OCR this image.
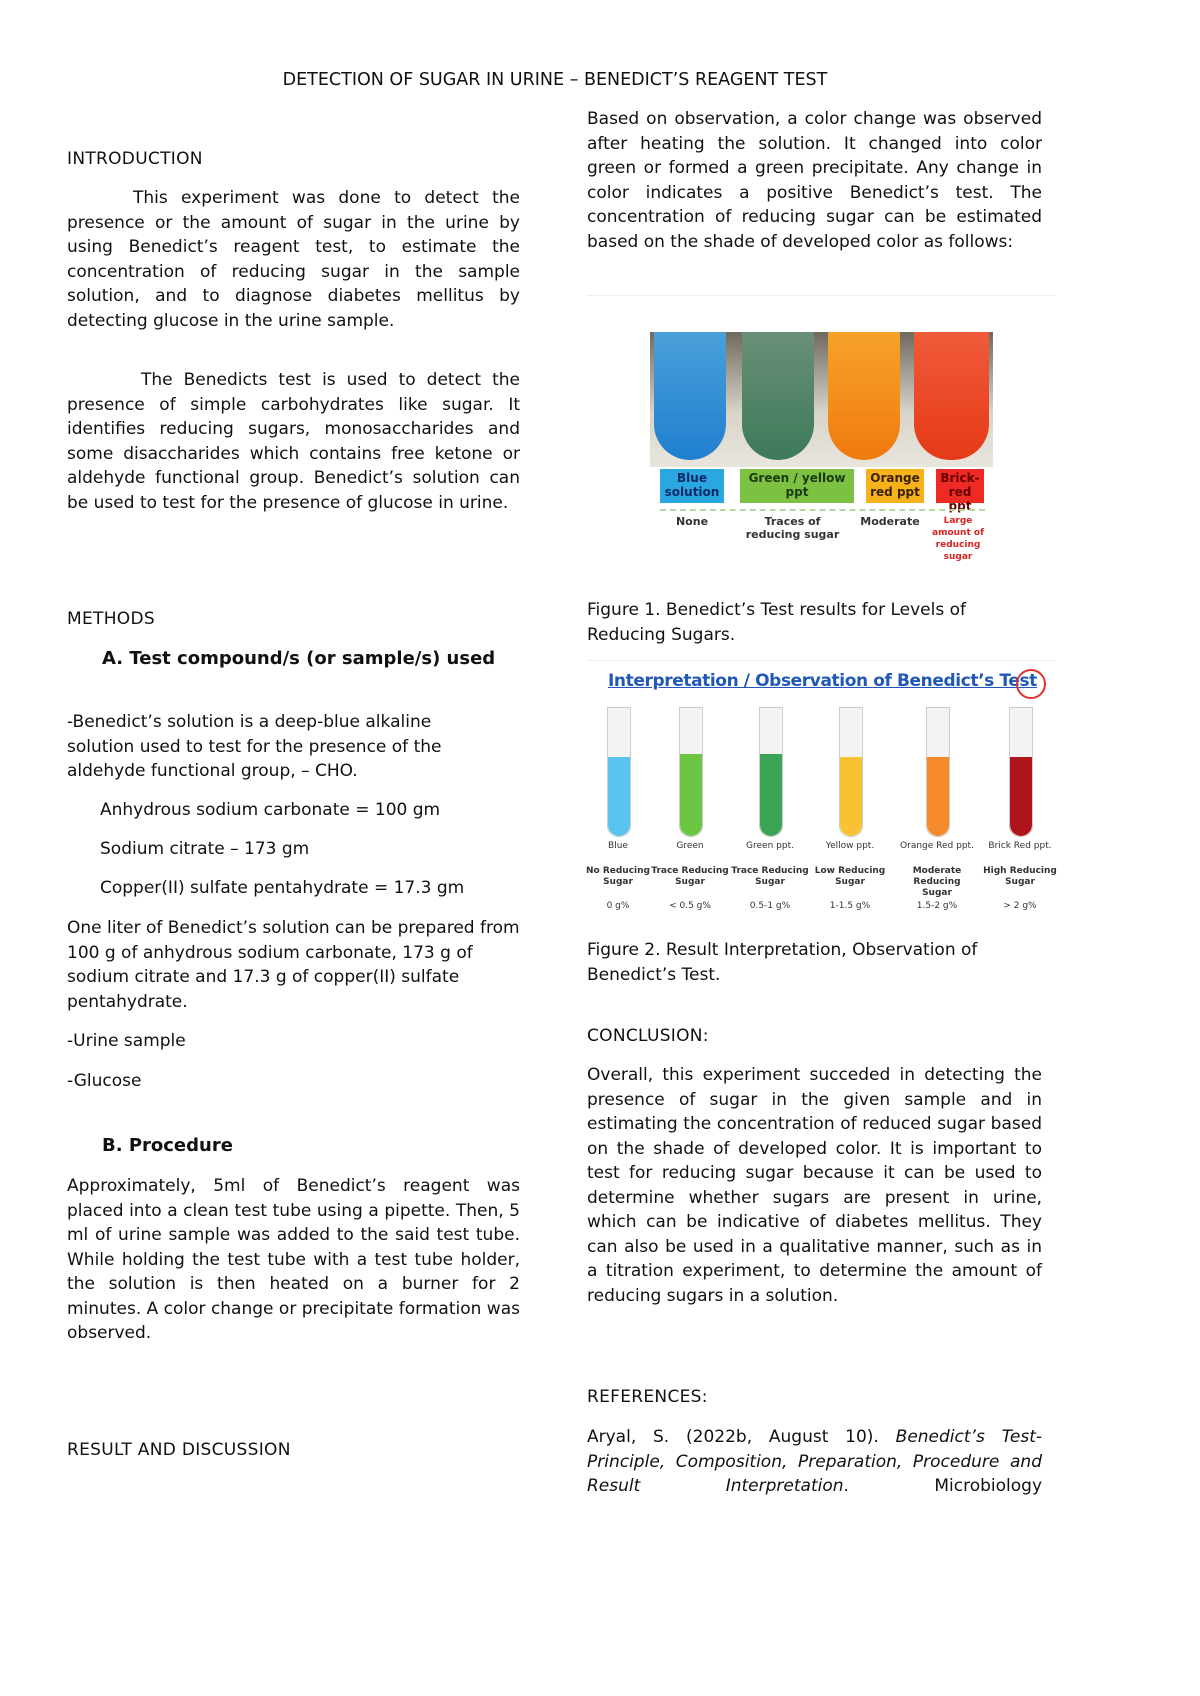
DETECTION OF SUGAR IN URINE – BENEDICT’S REAGENT TEST
INTRODUCTION

This experiment was done to detect the presence or the amount of sugar in the urine by using Benedict’s reagent test, to estimate the concentration of reducing sugar in the sample solution, and to diagnose diabetes mellitus by detecting glucose in the urine sample.

The Benedicts test is used to detect the presence of simple carbohydrates like sugar. It identifies reducing sugars, monosaccharides and some disaccharides which contains free ketone or aldehyde functional group. Benedict’s solution can be used to test for the presence of glucose in urine.

METHODS
A. Test compound/s (or sample/s) used

-Benedict’s solution is a deep-blue alkaline solution used to test for the presence of the aldehyde functional group, – CHO.

Anhydrous sodium carbonate = 100 gm

Sodium citrate – 173 gm

Copper(II) sulfate pentahydrate = 17.3 gm

One liter of Benedict’s solution can be prepared from 100 g of anhydrous sodium carbonate, 173 g of sodium citrate and 17.3 g of copper(II) sulfate pentahydrate.

-Urine sample

-Glucose

B. Procedure

Approximately, 5ml of Benedict’s reagent was placed into a clean test tube using a pipette. Then, 5 ml of urine sample was added to the said test tube. While holding the test tube with a test tube holder, the solution is then heated on a burner for 2 minutes. A color change or precipitate formation was observed.

RESULT AND DISCUSSION

Based on observation, a color change was observed after heating the solution. It changed into color green or formed a green precipitate. Any change in color indicates a positive Benedict’s test. The concentration of reducing sugar can be estimated based on the shade of developed color as follows:

Blue solution
Green / yellow ppt
Orange red ppt
Brick-red ppt
None	Traces of reducing sugar
Moderate	Large amount of reducing sugar

Figure 1. Benedict’s Test results for Levels of Reducing Sugars.

Interpretation / Observation of Benedict’s Test
Blue
No Reducing Sugar
0 g%
Green
Trace Reducing Sugar
< 0.5 g%
Green ppt.
Trace Reducing Sugar
0.5-1 g%
Yellow ppt.
Low Reducing Sugar
1-1.5 g%
Orange Red ppt.
Moderate Reducing Sugar
1.5-2 g%
Brick Red ppt.
High Reducing Sugar
> 2 g%

Figure 2. Result Interpretation, Observation of Benedict’s Test.

CONCLUSION:

Overall, this experiment succeded in detecting the presence of sugar in the given sample and in estimating the concentration of reduced sugar based on the shade of developed color. It is important to test for reducing sugar because it can be used to determine whether sugars are present in urine, which can be indicative of diabetes mellitus. They can also be used in a qualitative manner, such as in a titration experiment, to determine the amount of reducing sugars in a solution.

REFERENCES:

Aryal, S. (2022b, August 10). Benedict’s Test- Principle, Composition, Preparation, Procedure and Result Interpretation. Microbiology
